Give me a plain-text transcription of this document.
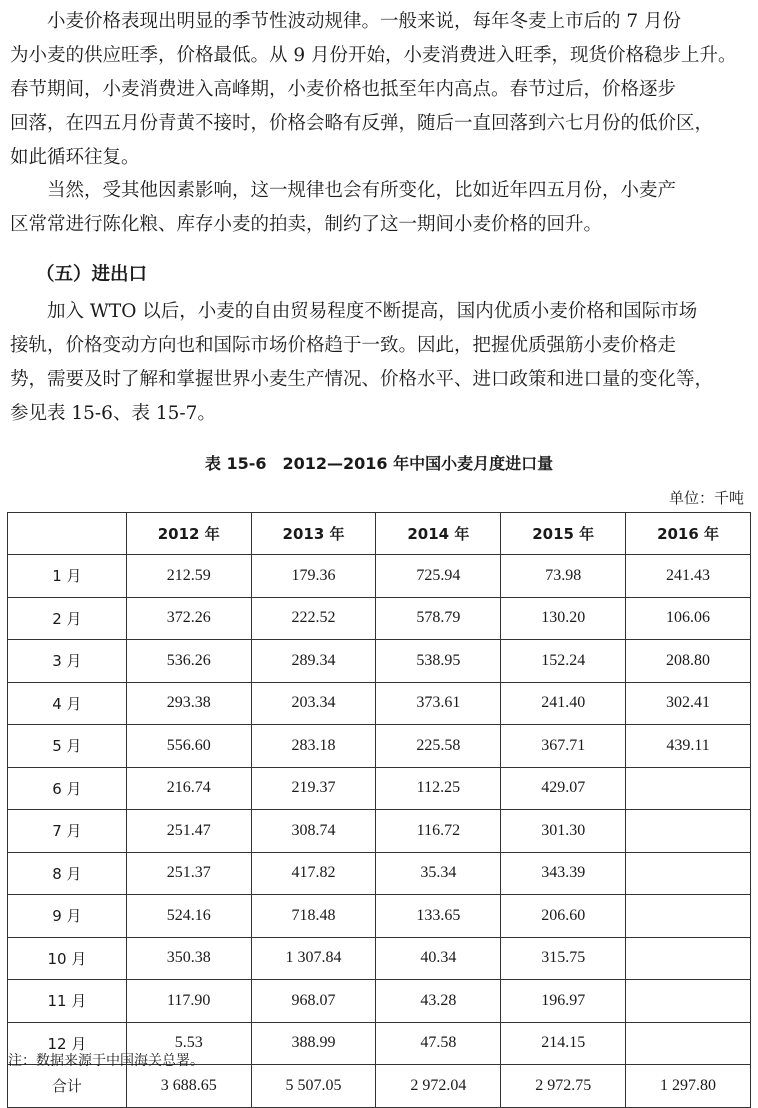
　　小麦价格表现出明显的季节性波动规律。一般来说，每年冬麦上市后的 7 月份
为小麦的供应旺季，价格最低。从 9 月份开始，小麦消费进入旺季，现货价格稳步上升。
春节期间，小麦消费进入高峰期，小麦价格也抵至年内高点。春节过后，价格逐步
回落，在四五月份青黄不接时，价格会略有反弹，随后一直回落到六七月份的低价区，
如此循环往复。
　　当然，受其他因素影响，这一规律也会有所变化，比如近年四五月份，小麦产
区常常进行陈化粮、库存小麦的拍卖，制约了这一期间小麦价格的回升。
（五）进出口
　　加入 WTO 以后，小麦的自由贸易程度不断提高，国内优质小麦价格和国际市场
接轨，价格变动方向也和国际市场价格趋于一致。因此，把握优质强筋小麦价格走
势，需要及时了解和掌握世界小麦生产情况、价格水平、进口政策和进口量的变化等，
参见表 15-6、表 15-7。

表 15-6　2012—2016 年中国小麦月度进口量

单位：千吨
	2012 年	2013 年	2014 年	2015 年	2016 年
1 月	212.59	179.36	725.94	73.98	241.43
2 月	372.26	222.52	578.79	130.20	106.06
3 月	536.26	289.34	538.95	152.24	208.80
4 月	293.38	203.34	373.61	241.40	302.41
5 月	556.60	283.18	225.58	367.71	439.11
6 月	216.74	219.37	112.25	429.07	
7 月	251.47	308.74	116.72	301.30	
8 月	251.37	417.82	35.34	343.39	
9 月	524.16	718.48	133.65	206.60	
10 月	350.38	1 307.84	40.34	315.75	
11 月	117.90	968.07	43.28	196.97	
12 月	5.53	388.99	47.58	214.15	
合计	3 688.65	5 507.05	2 972.04	2 972.75	1 297.80
注：数据来源于中国海关总署。
